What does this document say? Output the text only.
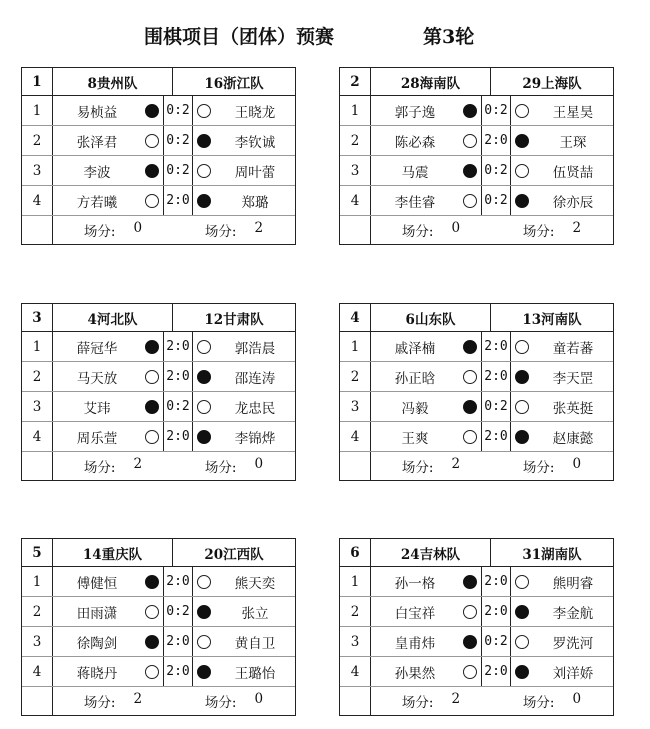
围棋项目（团体）预赛	第3轮
1	8贵州队	16浙江队
1	易桢益	0:2	王晓龙
2	张泽君	0:2	李钦诚
3	李波	0:2	周叶蕾
4	方若曦	2:0	郑璐
场分: 0	场分: 2
2	28海南队	29上海队
1	郭子逸	0:2	王星昊
2	陈必森	2:0	王琛
3	马震	0:2	伍贤喆
4	李佳睿	0:2	徐亦辰
场分: 0	场分: 2
3	4河北队	12甘肃队
1	薛冠华	2:0	郭浩晨
2	马天放	2:0	邵连涛
3	艾玮	0:2	龙忠民
4	周乐萱	2:0	李锦烨
场分: 2	场分: 0
4	6山东队	13河南队
1	戚泽楠	2:0	童若蕃
2	孙正晗	2:0	李天罡
3	冯毅	0:2	张英挺
4	王爽	2:0	赵康懿
场分: 2	场分: 0
5	14重庆队	20江西队
1	傅健恒	2:0	熊天奕
2	田雨潇	0:2	张立
3	徐陶剑	2:0	黄自卫
4	蒋晓丹	2:0	王璐怡
场分: 2	场分: 0
6	24吉林队	31湖南队
1	孙一格	2:0	熊明睿
2	白宝祥	2:0	李金航
3	皇甫炜	0:2	罗洗河
4	孙果然	2:0	刘洋娇
场分: 2	场分: 0
